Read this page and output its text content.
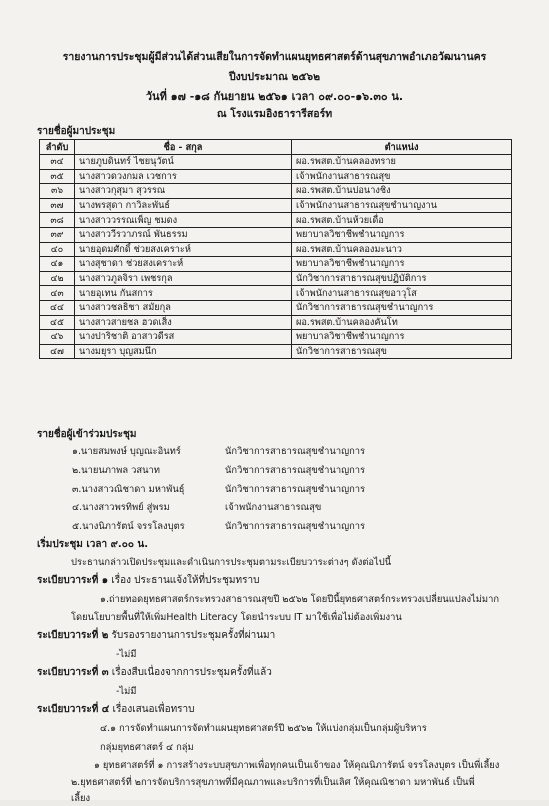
รายงานการประชุมผู้มีส่วนได้ส่วนเสียในการจัดทำแผนยุทธศาสตร์ด้านสุขภาพอำเภอวัฒนานคร
ปีงบประมาณ ๒๕๖๒
วันที่ ๑๗ -๑๘ กันยายน ๒๕๖๑ เวลา ๐๙.๐๐-๑๖.๓๐ น.
ณ โรงแรมอิงธารารีสอร์ท
รายชื่อผู้มาประชุม
ลำดับ	ชื่อ - สกุล	ตำแหน่ง
๓๔	นายภูบดินทร์ ไชยนุวัตน์	ผอ.รพสต.บ้านคลองทราย
๓๕	นางสาวดวงกมล เวชการ	เจ้าพนักงานสาธารณสุข
๓๖	นางสาวกุสุมา สุวรรณ	ผอ.รพสต.บ้านบ่อนางชิง
๓๗	นางพรสุดา กาวิละพันธ์	เจ้าพนักงานสาธารณสุขชำนาญงาน
๓๘	นางสาววรรณเพ็ญ ชมดง	ผอ.รพสต.บ้านห้วยเดื่อ
๓๙	นางสาววีรวาภรณ์ พันธรรม	พยาบาลวิชาชีพชำนาญการ
๔๐	นายอุดมศักดิ์ ช่วยสงเคราะห์	ผอ.รพสต.บ้านคลองมะนาว
๔๑	นางสุชาดา ช่วยสงเคราะห์	พยาบาลวิชาชีพชำนาญการ
๔๒	นางสาวภูลจิรา เพชรกุล	นักวิชาการสาธารณสุขปฏิบัติการ
๔๓	นายอุเทน กันสการ	เจ้าพนักงานสาธารณสุขอาวุโส
๔๔	นางสาวชลธิชา สมัยกุล	นักวิชาการสาธารณสุขชำนาญการ
๔๕	นางสาวสายชล ฮวดเส็ง	ผอ.รพสต.บ้านคลองคันโท
๔๖	นางปาริชาติ อาสาวดีรส	พยาบาลวิชาชีพชำนาญการ
๔๗	นางมยุรา บุญสมนึก	นักวิชาการสาธารณสุข
รายชื่อผู้เข้าร่วมประชุม
๑.นายสมพงษ์ บุญณะอินทร์	นักวิชาการสาธารณสุขชำนาญการ
๒.นายนภาพล วสนาท	นักวิชาการสาธารณสุขชำนาญการ
๓.นางสาวณิชาดา มหาพันธุ์	นักวิชาการสาธารณสุขชำนาญการ
๔.นางสาวพรทิพย์ สู่พรม	เจ้าพนักงานสาธารณสุข
๕.นางนิภารัตน์ จรรโลงบุตร	นักวิชาการสาธารณสุขชำนาญการ
เริ่มประชุม เวลา ๙.๐๐ น.
ประธานกล่าวเปิดประชุมและดำเนินการประชุมตามระเบียบวาระต่างๆ ดังต่อไปนี้
ระเบียบวาระที่ ๑ เรื่อง ประธานแจ้งให้ที่ประชุมทราบ
๑.ถ่ายทอดยุทธศาสตร์กระทรวงสาธารณสุขปี ๒๕๖๒ โดยปีนี้ยุทธศาสตร์กระทรวงเปลี่ยนแปลงไม่มาก
โดยนโยบายพื้นที่ให้เพิ่มHealth Literacy โดยนำระบบ IT มาใช้เพื่อไม่ต้องเพิ่มงาน
ระเบียบวาระที่ ๒ รับรองรายงานการประชุมครั้งที่ผ่านมา
-ไม่มี
ระเบียบวาระที่ ๓ เรื่องสืบเนื่องจากการประชุมครั้งที่แล้ว
-ไม่มี
ระเบียบวาระที่ ๔ เรื่องเสนอเพื่อทราบ
๔.๑ การจัดทำแผนการจัดทำแผนยุทธศาสตร์ปี ๒๕๖๒ ให้แบ่งกลุ่มเป็นกลุ่มผู้บริหาร
กลุ่มยุทธศาสตร์ ๔ กลุ่ม
๑ ยุทธศาสตร์ที่ ๑ การสร้างระบบสุขภาพเพื่อทุกคนเป็นเจ้าของ ให้คุณนิภารัตน์ จรรโลงบุตร เป็นพี่เลี้ยง
๒.ยุทธศาสตร์ที่ ๒การจัดบริการสุขภาพที่มีคุณภาพและบริการที่เป็นเลิศ ให้คุณณิชาดา มหาพันธ์ เป็นพี่
เลี้ยง
